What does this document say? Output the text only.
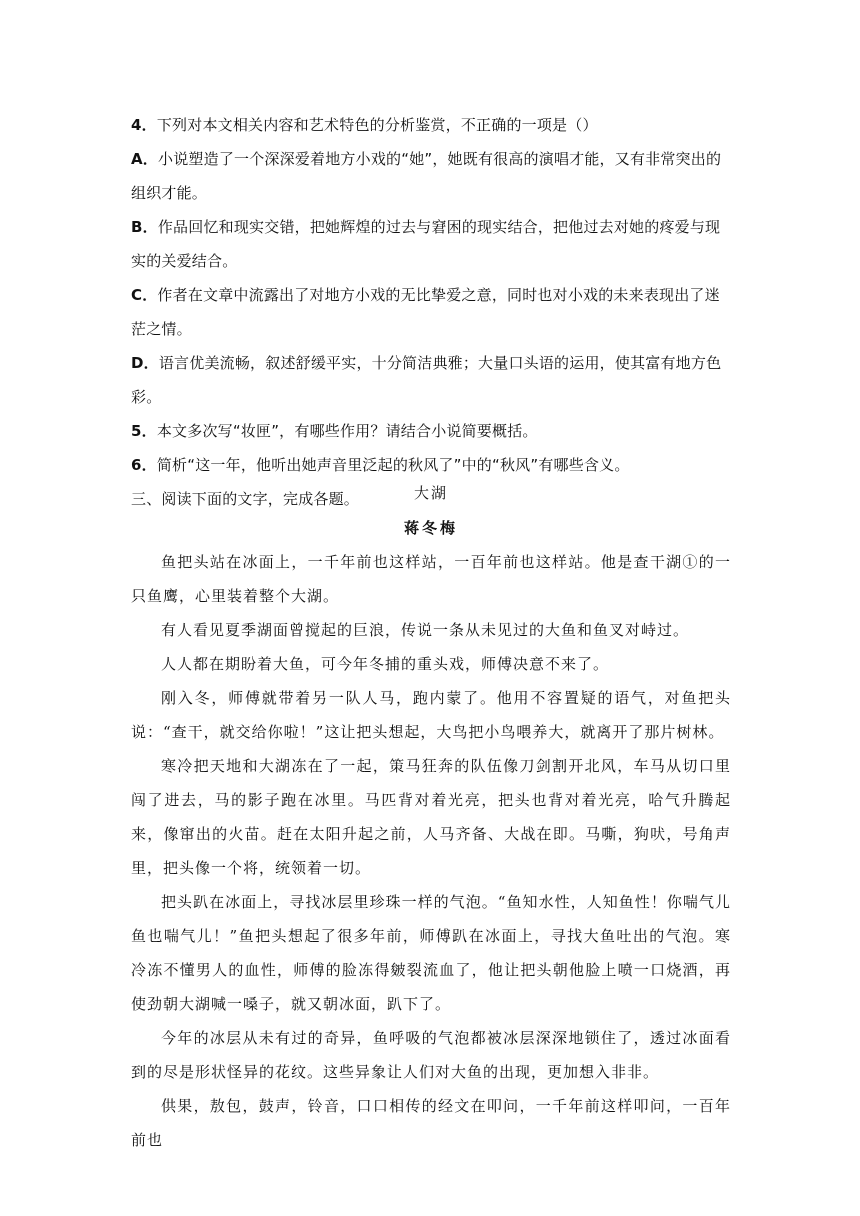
4．下列对本文相关内容和艺术特色的分析鉴赏，不正确的一项是（）

A．小说塑造了一个深深爱着地方小戏的“她”，她既有很高的演唱才能，又有非常突出的组织才能。

B．作品回忆和现实交错，把她辉煌的过去与窘困的现实结合，把他过去对她的疼爱与现实的关爱结合。

C．作者在文章中流露出了对地方小戏的无比挚爱之意，同时也对小戏的未来表现出了迷茫之情。

D．语言优美流畅，叙述舒缓平实，十分简洁典雅；大量口头语的运用，使其富有地方色彩。

5．本文多次写“妆匣”，有哪些作用？请结合小说简要概括。

6．简析“这一年，他听出她声音里泛起的秋风了”中的“秋风”有哪些含义。

三、阅读下面的文字，完成各题。	大湖

蒋冬梅

鱼把头站在冰面上，一千年前也这样站，一百年前也这样站。他是查干湖①的一只鱼鹰，心里装着整个大湖。

有人看见夏季湖面曾搅起的巨浪，传说一条从未见过的大鱼和鱼叉对峙过。

人人都在期盼着大鱼，可今年冬捕的重头戏，师傅决意不来了。

刚入冬，师傅就带着另一队人马，跑内蒙了。他用不容置疑的语气，对鱼把头说：“查干，就交给你啦！”这让把头想起，大鸟把小鸟喂养大，就离开了那片树林。

寒冷把天地和大湖冻在了一起，策马狂奔的队伍像刀剑割开北风，车马从切口里闯了进去，马的影子跑在冰里。马匹背对着光亮，把头也背对着光亮，哈气升腾起来，像窜出的火苗。赶在太阳升起之前，人马齐备、大战在即。马嘶，狗吠，号角声里，把头像一个将，统领着一切。

把头趴在冰面上，寻找冰层里珍珠一样的气泡。“鱼知水性，人知鱼性！你喘气儿鱼也喘气儿！”鱼把头想起了很多年前，师傅趴在冰面上，寻找大鱼吐出的气泡。寒冷冻不懂男人的血性，师傅的脸冻得皴裂流血了，他让把头朝他脸上喷一口烧酒，再使劲朝大湖喊一嗓子，就又朝冰面，趴下了。

今年的冰层从未有过的奇异，鱼呼吸的气泡都被冰层深深地锁住了，透过冰面看到的尽是形状怪异的花纹。这些异象让人们对大鱼的出现，更加想入非非。

供果，敖包，鼓声，铃音，口口相传的经文在叩问，一千年前这样叩问，一百年前也
